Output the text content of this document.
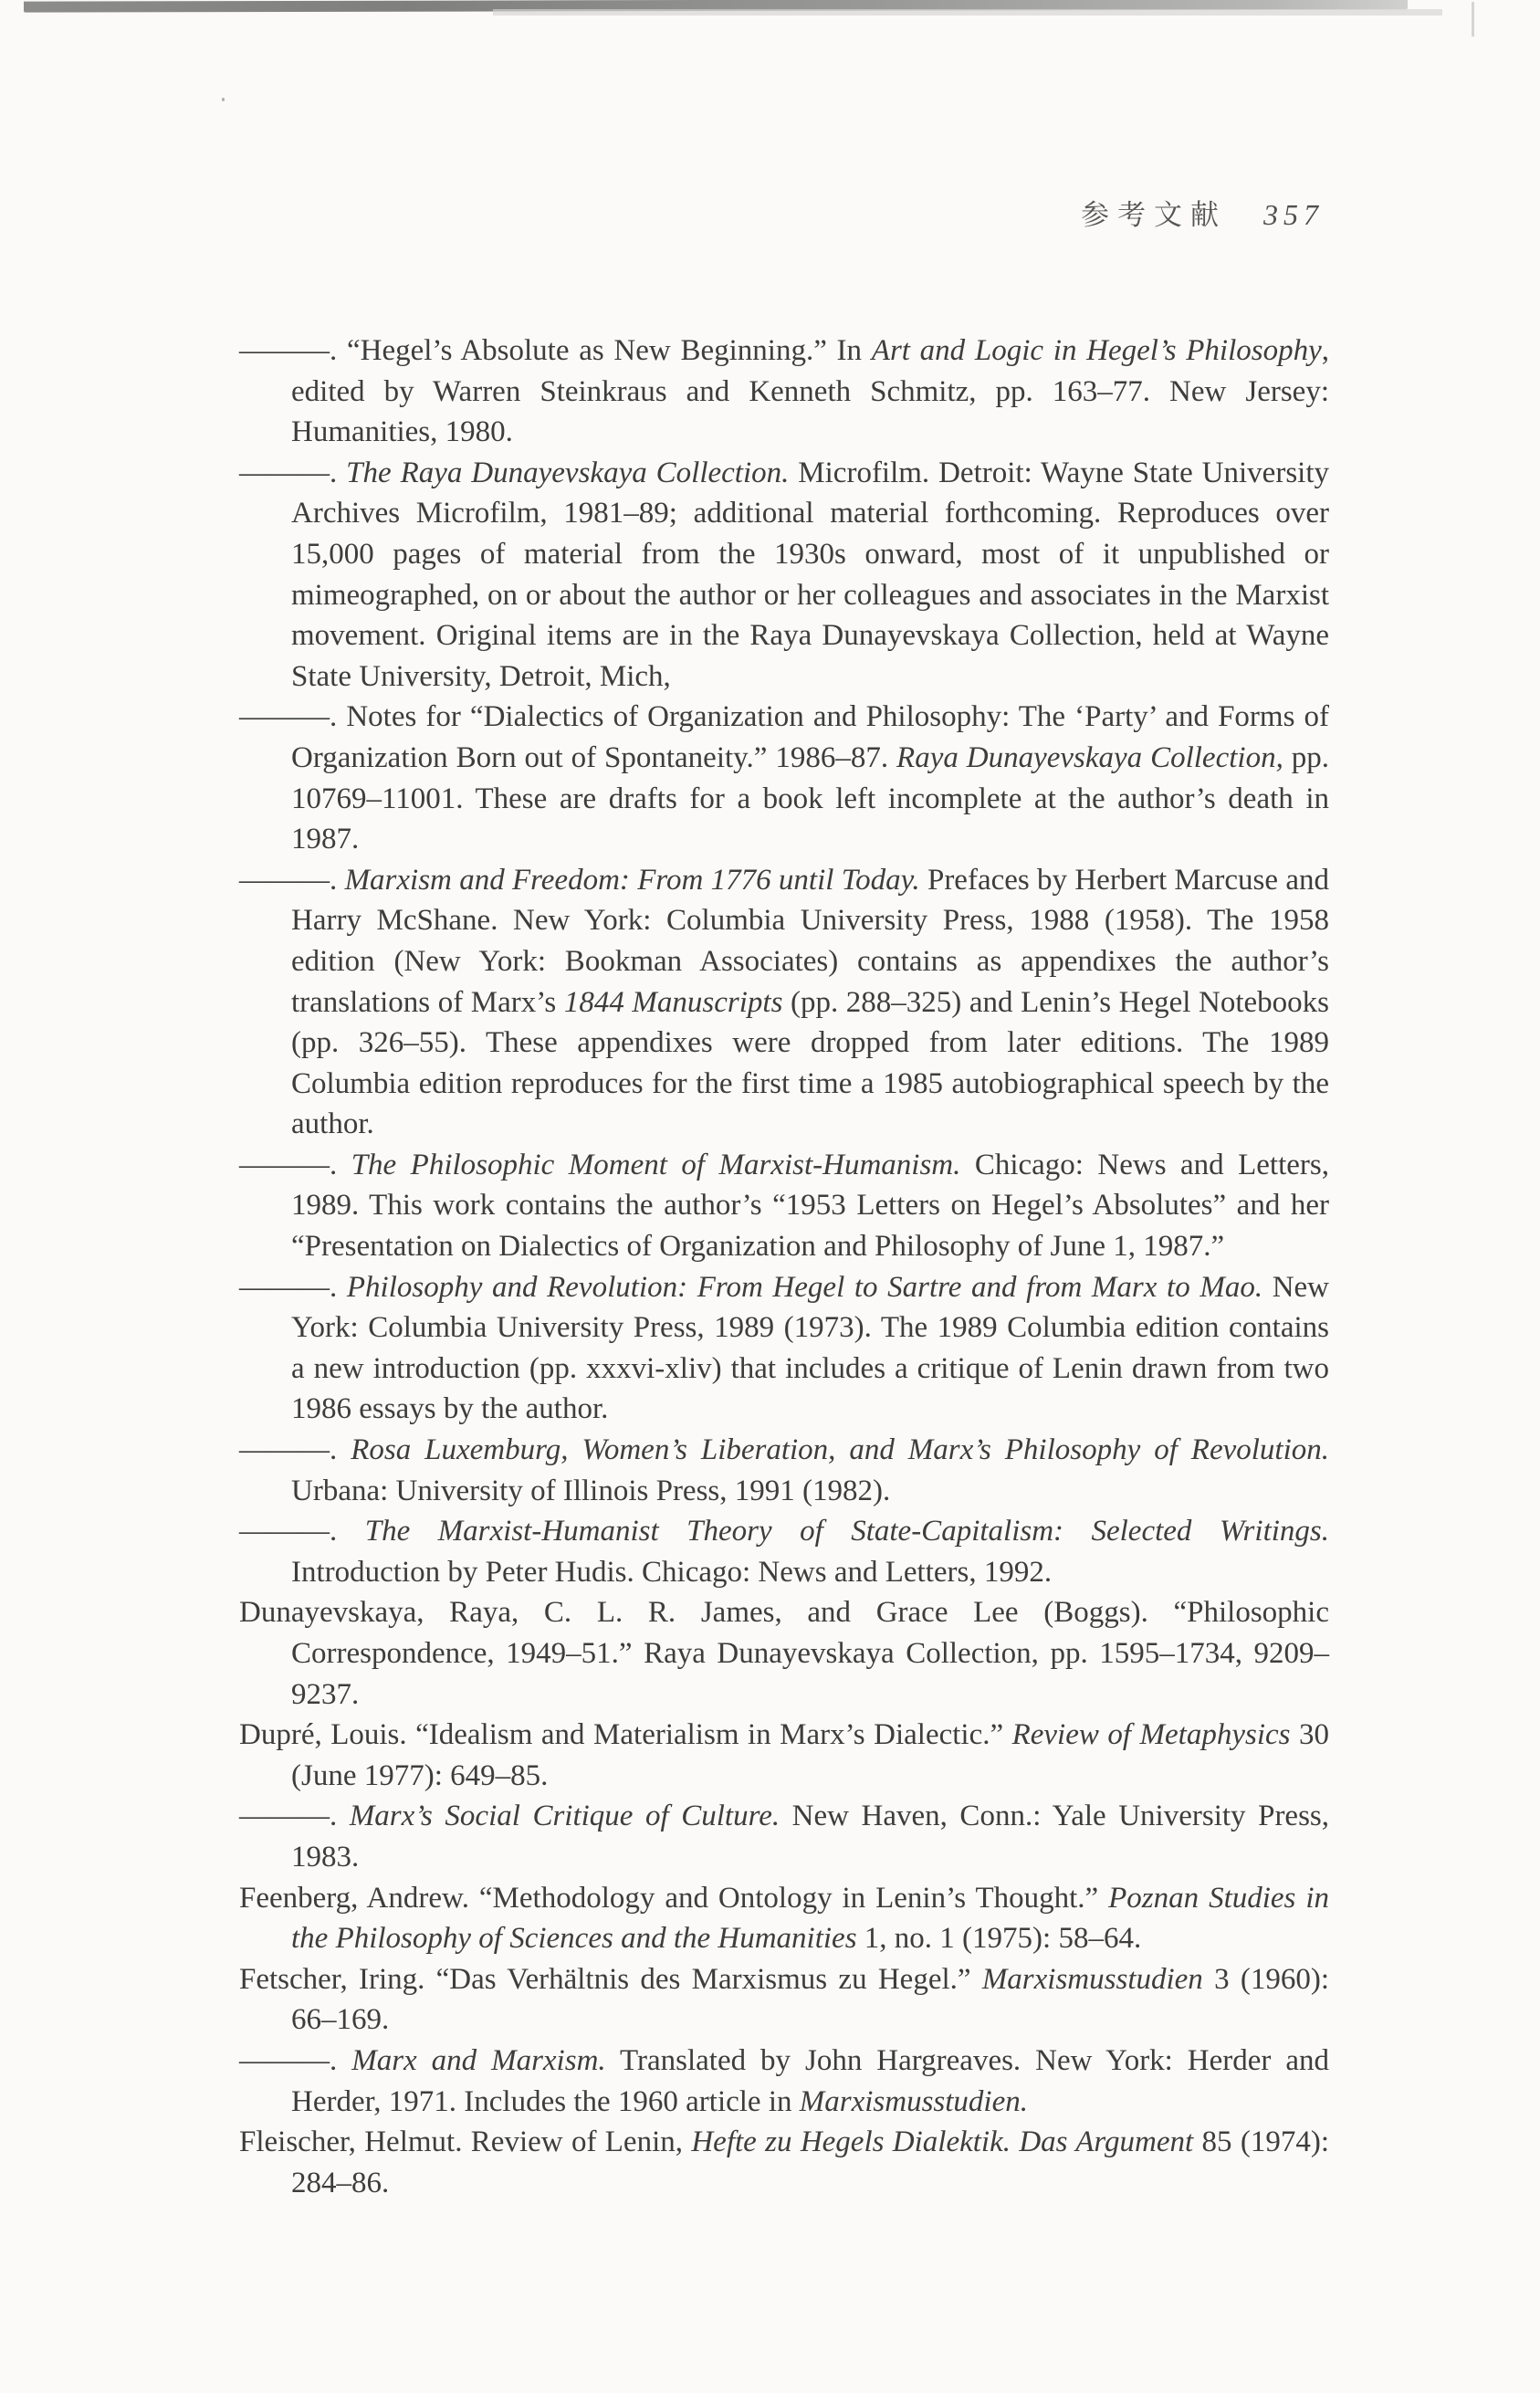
参考文献 357

———. “Hegel’s Absolute as New Beginning.” In Art and Logic in Hegel’s Philosophy, edited by Warren Steinkraus and Kenneth Schmitz, pp. 163–77. New Jersey: Humanities, 1980.

———. The Raya Dunayevskaya Collection. Microfilm. Detroit: Wayne State University Archives Microfilm, 1981–89; additional material forthcoming. Reproduces over 15,000 pages of material from the 1930s onward, most of it unpublished or mimeographed, on or about the author or her colleagues and associates in the Marxist movement. Original items are in the Raya Dunayevskaya Collection, held at Wayne State University, Detroit, Mich,

———. Notes for “Dialectics of Organization and Philosophy: The ‘Party’ and Forms of Organization Born out of Spontaneity.” 1986–87. Raya Dunayevskaya Collection, pp. 10769–11001. These are drafts for a book left incomplete at the author’s death in 1987.

———. Marxism and Freedom: From 1776 until Today. Prefaces by Herbert Marcuse and Harry McShane. New York: Columbia University Press, 1988 (1958). The 1958 edition (New York: Bookman Associates) contains as appendixes the author’s translations of Marx’s 1844 Manuscripts (pp. 288–325) and Lenin’s Hegel Notebooks (pp. 326–55). These appendixes were dropped from later editions. The 1989 Columbia edition reproduces for the first time a 1985 autobiographical speech by the author.

———. The Philosophic Moment of Marxist-Humanism. Chicago: News and Letters, 1989. This work contains the author’s “1953 Letters on Hegel’s Absolutes” and her “Presentation on Dialectics of Organization and Philosophy of June 1, 1987.”

———. Philosophy and Revolution: From Hegel to Sartre and from Marx to Mao. New York: Columbia University Press, 1989 (1973). The 1989 Columbia edition contains a new introduction (pp. xxxvi-xliv) that includes a critique of Lenin drawn from two 1986 essays by the author.

———. Rosa Luxemburg, Women’s Liberation, and Marx’s Philosophy of Revolution. Urbana: University of Illinois Press, 1991 (1982).

———. The Marxist-Humanist Theory of State-Capitalism: Selected Writings. Introduction by Peter Hudis. Chicago: News and Letters, 1992.

Dunayevskaya, Raya, C. L. R. James, and Grace Lee (Boggs). “Philosophic Correspondence, 1949–51.” Raya Dunayevskaya Collection, pp. 1595–1734, 9209–9237.

Dupré, Louis. “Idealism and Materialism in Marx’s Dialectic.” Review of Metaphysics 30 (June 1977): 649–85.

———. Marx’s Social Critique of Culture. New Haven, Conn.: Yale University Press, 1983.

Feenberg, Andrew. “Methodology and Ontology in Lenin’s Thought.” Poznan Studies in the Philosophy of Sciences and the Humanities 1, no. 1 (1975): 58–64.

Fetscher, Iring. “Das Verhältnis des Marxismus zu Hegel.” Marxismusstudien 3 (1960): 66–169.

———. Marx and Marxism. Translated by John Hargreaves. New York: Herder and Herder, 1971. Includes the 1960 article in Marxismusstudien.

Fleischer, Helmut. Review of Lenin, Hefte zu Hegels Dialektik. Das Argument 85 (1974): 284–86.
